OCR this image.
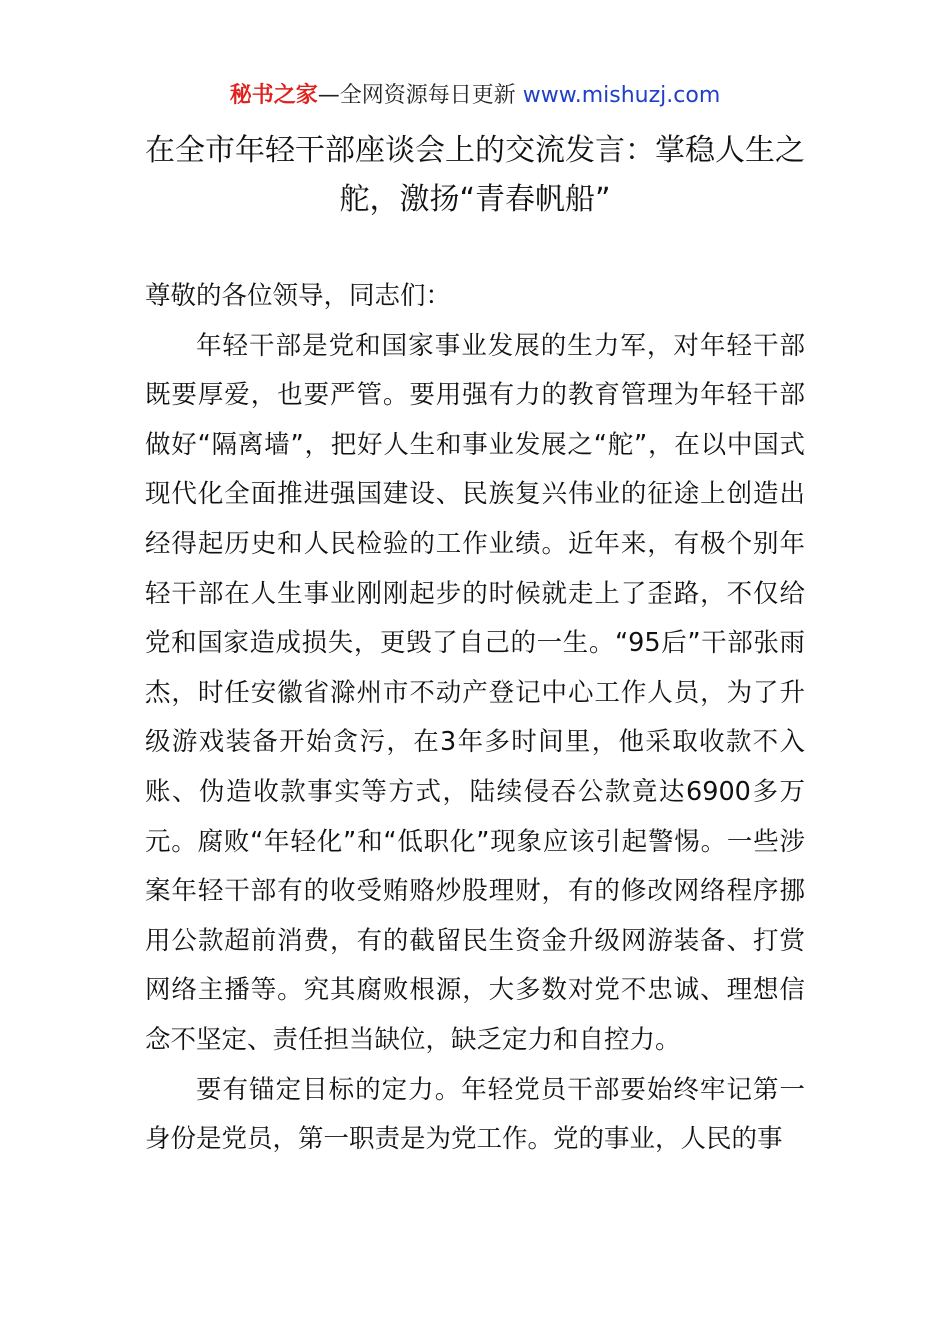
秘书之家—全网资源每日更新 www.mishuzj.com
在全市年轻干部座谈会上的交流发言：掌稳人生之舵，激扬“青春帆船”

尊敬的各位领导，同志们：

年轻干部是党和国家事业发展的生力军，对年轻干部既要厚爱，也要严管。要用强有力的教育管理为年轻干部做好“隔离墙”，把好人生和事业发展之“舵”，在以中国式现代化全面推进强国建设、民族复兴伟业的征途上创造出经得起历史和人民检验的工作业绩。近年来，有极个别年轻干部在人生事业刚刚起步的时候就走上了歪路，不仅给党和国家造成损失，更毁了自己的一生。“95后”干部张雨杰，时任安徽省滁州市不动产登记中心工作人员，为了升级游戏装备开始贪污，在3年多时间里，他采取收款不入账、伪造收款事实等方式，陆续侵吞公款竟达6900多万元。腐败“年轻化”和“低职化”现象应该引起警惕。一些涉案年轻干部有的收受贿赂炒股理财，有的修改网络程序挪用公款超前消费，有的截留民生资金升级网游装备、打赏网络主播等。究其腐败根源，大多数对党不忠诚、理想信念不坚定、责任担当缺位，缺乏定力和自控力。

要有锚定目标的定力。年轻党员干部要始终牢记第一身份是党员，第一职责是为党工作。党的事业，人民的事
